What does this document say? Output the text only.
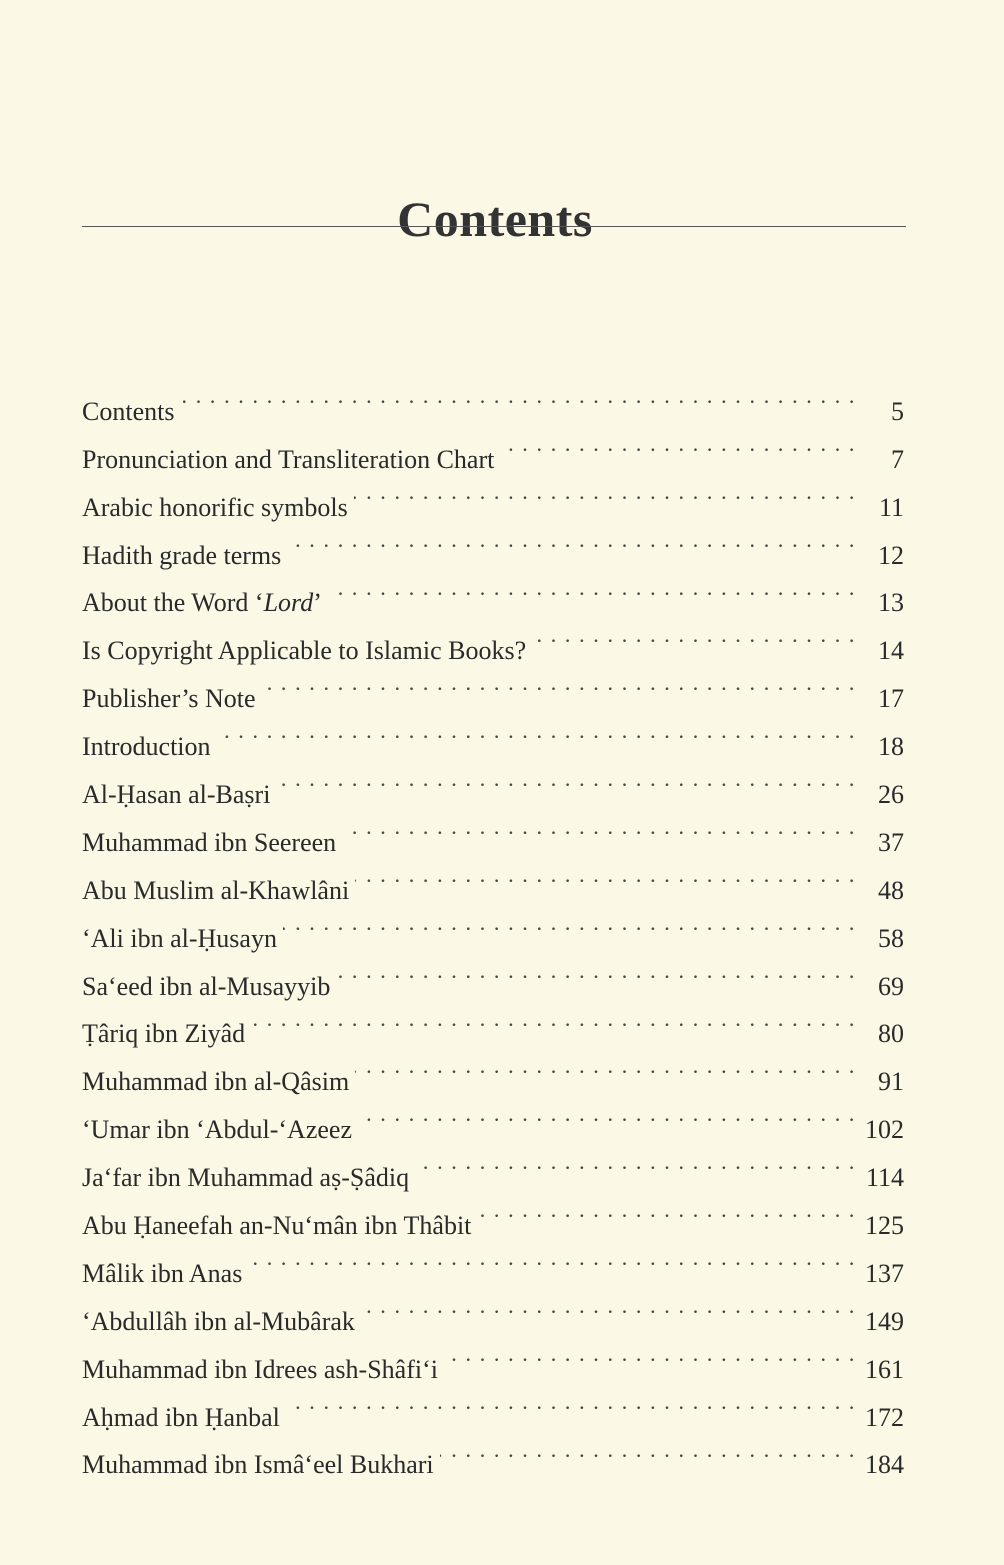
Contents
Contents . . .	5
Pronunciation and Transliteration Chart . . .	7
Arabic honorific symbols . . .	11
Hadith grade terms . . .	12
About the Word ‘Lord’ . . .	13
Is Copyright Applicable to Islamic Books? . . .	14
Publisher’s Note . . .	17
Introduction . . .	18
Al-Ḥasan al-Baṣri . . .	26
Muhammad ibn Seereen . . .	37
Abu Muslim al-Khawlâni . . .	48
‘Ali ibn al-Ḥusayn . . .	58
Sa‘eed ibn al-Musayyib . . .	69
Ṭâriq ibn Ziyâd . . .	80
Muhammad ibn al-Qâsim . . .	91
‘Umar ibn ‘Abdul-‘Azeez . . .	102
Ja‘far ibn Muhammad aṣ-Ṣâdiq . . .	114
Abu Ḥaneefah an-Nu‘mân ibn Thâbit . . .	125
Mâlik ibn Anas . . .	137
‘Abdullâh ibn al-Mubârak . . .	149
Muhammad ibn Idrees ash-Shâfi‘i . . .	161
Aḥmad ibn Ḥanbal . . .	172
Muhammad ibn Ismâ‘eel Bukhari . . .	184
